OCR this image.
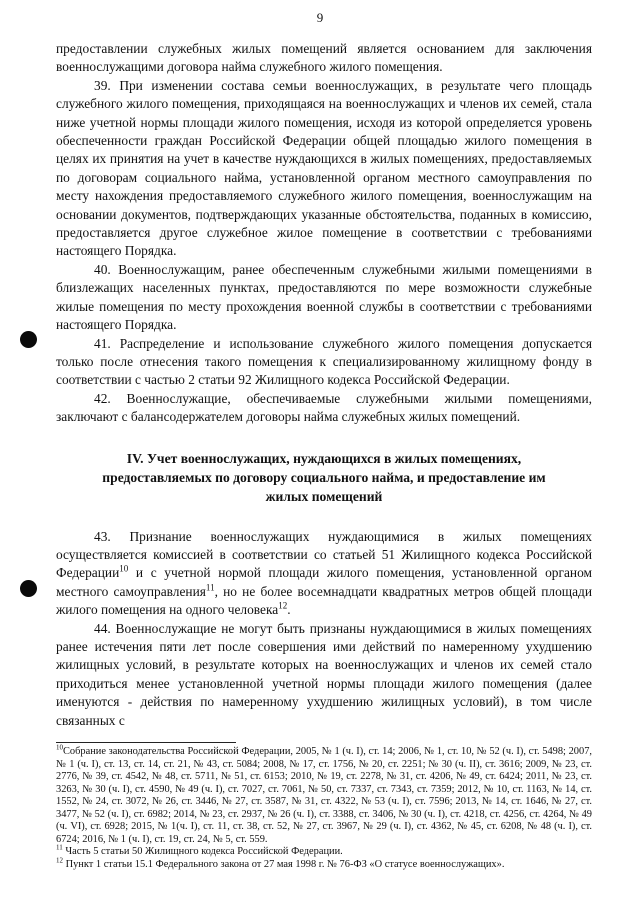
9

предоставлении служебных жилых помещений является основанием для заключения военнослужащими договора найма служебного жилого помещения.

39. При изменении состава семьи военнослужащих, в результате чего площадь служебного жилого помещения, приходящаяся на военнослужащих и членов их семей, стала ниже учетной нормы площади жилого помещения, исходя из которой определяется уровень обеспеченности граждан Российской Федерации общей площадью жилого помещения в целях их принятия на учет в качестве нуждающихся в жилых помещениях, предоставляемых по договорам социального найма, установленной органом местного самоуправления по месту нахождения предоставляемого служебного жилого помещения, военнослужащим на основании документов, подтверждающих указанные обстоятельства, поданных в комиссию, предоставляется другое служебное жилое помещение в соответствии с требованиями настоящего Порядка.

40. Военнослужащим, ранее обеспеченным служебными жилыми помещениями в близлежащих населенных пунктах, предоставляются по мере возможности служебные жилые помещения по месту прохождения военной службы в соответствии с требованиями настоящего Порядка.

41. Распределение и использование служебного жилого помещения допускается только после отнесения такого помещения к специализированному жилищному фонду в соответствии с частью 2 статьи 92 Жилищного кодекса Российской Федерации.

42. Военнослужащие, обеспечиваемые служебными жилыми помещениями, заключают с балансодержателем договоры найма служебных жилых помещений.

IV. Учет военнослужащих, нуждающихся в жилых помещениях,
предоставляемых по договору социального найма, и предоставление им
жилых помещений

43. Признание военнослужащих нуждающимися в жилых помещениях осуществляется комиссией в соответствии со статьей 51 Жилищного кодекса Российской Федерации$^{10}$ и с учетной нормой площади жилого помещения, установленной органом местного самоуправления$^{11}$, но не более восемнадцати квадратных метров общей площади жилого помещения на одного человека$^{12}$.

44. Военнослужащие не могут быть признаны нуждающимися в жилых помещениях ранее истечения пяти лет после совершения ими действий по намеренному ухудшению жилищных условий, в результате которых на военнослужащих и членов их семей стало приходиться менее установленной учетной нормы площади жилого помещения (далее именуются - действия по намеренному ухудшению жилищных условий), в том числе связанных с

$^{10}$Собрание законодательства Российской Федерации, 2005, № 1 (ч. I), ст. 14; 2006, № 1, ст. 10, № 52 (ч. I), ст. 5498; 2007, № 1 (ч. I), ст. 13, ст. 14, ст. 21, № 43, ст. 5084; 2008, № 17, ст. 1756, № 20, ст. 2251; № 30 (ч. II), ст. 3616; 2009, № 23, ст. 2776, № 39, ст. 4542, № 48, ст. 5711, № 51, ст. 6153; 2010, № 19, ст. 2278, № 31, ст. 4206, № 49, ст. 6424; 2011, № 23, ст. 3263, № 30 (ч. I), ст. 4590, № 49 (ч. I), ст. 7027, ст. 7061, № 50, ст. 7337, ст. 7343, ст. 7359; 2012, № 10, ст. 1163, № 14, ст. 1552, № 24, ст. 3072, № 26, ст. 3446, № 27, ст. 3587, № 31, ст. 4322, № 53 (ч. I), ст. 7596; 2013, № 14, ст. 1646, № 27, ст. 3477, № 52 (ч. I), ст. 6982; 2014, № 23, ст. 2937, № 26 (ч. I), ст. 3388, ст. 3406, № 30 (ч. I), ст. 4218, ст. 4256, ст. 4264, № 49 (ч. VI), ст. 6928; 2015, № 1(ч. I), ст. 11, ст. 38, ст. 52, № 27, ст. 3967, № 29 (ч. I), ст. 4362, № 45, ст. 6208, № 48 (ч. I), ст. 6724; 2016, № 1 (ч. I), ст. 19, ст. 24, № 5, ст. 559.

$^{11}$ Часть 5 статьи 50 Жилищного кодекса Российской Федерации.

$^{12}$ Пункт 1 статьи 15.1 Федерального закона от 27 мая 1998 г. № 76-ФЗ «О статусе военнослужащих».
